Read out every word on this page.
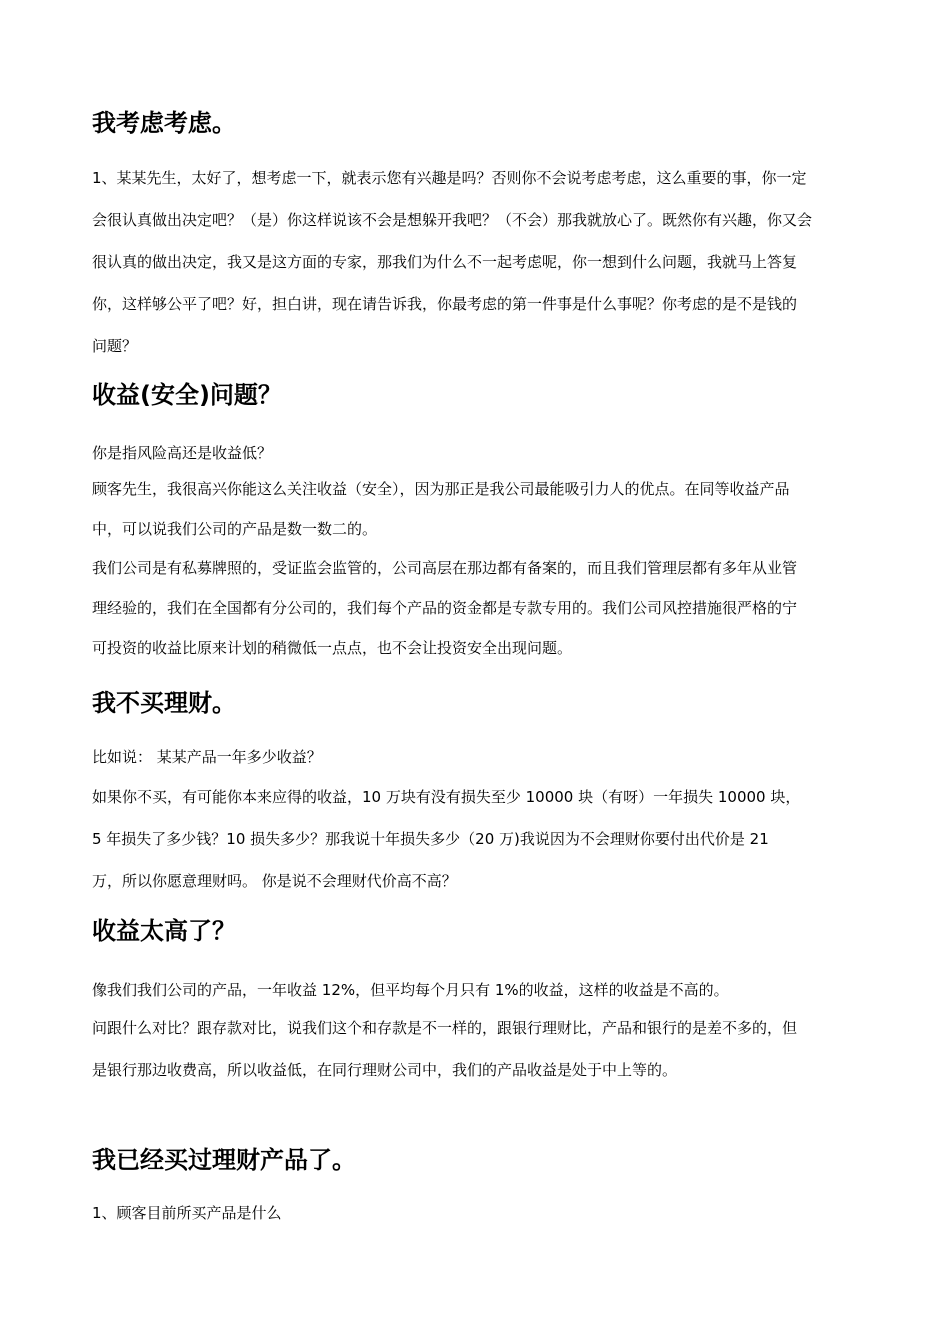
我考虑考虑。
1、某某先生，太好了，想考虑一下，就表示您有兴趣是吗？否则你不会说考虑考虑，这么重要的事，你一定
会很认真做出决定吧？（是）你这样说该不会是想躲开我吧？（不会）那我就放心了。既然你有兴趣，你又会
很认真的做出决定，我又是这方面的专家，那我们为什么不一起考虑呢，你一想到什么问题，我就马上答复
你，这样够公平了吧？好，担白讲，现在请告诉我，你最考虑的第一件事是什么事呢？你考虑的是不是钱的
问题？
收益(安全)问题？

你是指风险高还是收益低？

顾客先生，我很高兴你能这么关注收益（安全），因为那正是我公司最能吸引力人的优点。在同等收益产品
中，可以说我们公司的产品是数一数二的。
我们公司是有私募牌照的，受证监会监管的，公司高层在那边都有备案的，而且我们管理层都有多年从业管
理经验的，我们在全国都有分公司的，我们每个产品的资金都是专款专用的。我们公司风控措施很严格的宁
可投资的收益比原来计划的稍微低一点点，也不会让投资安全出现问题。
我不买理财。

比如说： 某某产品一年多少收益？

如果你不买，有可能你本来应得的收益，10 万块有没有损失至少 10000 块（有呀）一年损失 10000 块，
5 年损失了多少钱？10 损失多少？那我说十年损失多少（20 万)我说因为不会理财你要付出代价是 21
万，所以你愿意理财吗。 你是说不会理财代价高不高？
收益太高了？

像我们我们公司的产品，一年收益 12%，但平均每个月只有 1%的收益，这样的收益是不高的。

问跟什么对比？跟存款对比，说我们这个和存款是不一样的，跟银行理财比，产品和银行的是差不多的，但
是银行那边收费高，所以收益低，在同行理财公司中，我们的产品收益是处于中上等的。
我已经买过理财产品了。

1、顾客目前所买产品是什么
